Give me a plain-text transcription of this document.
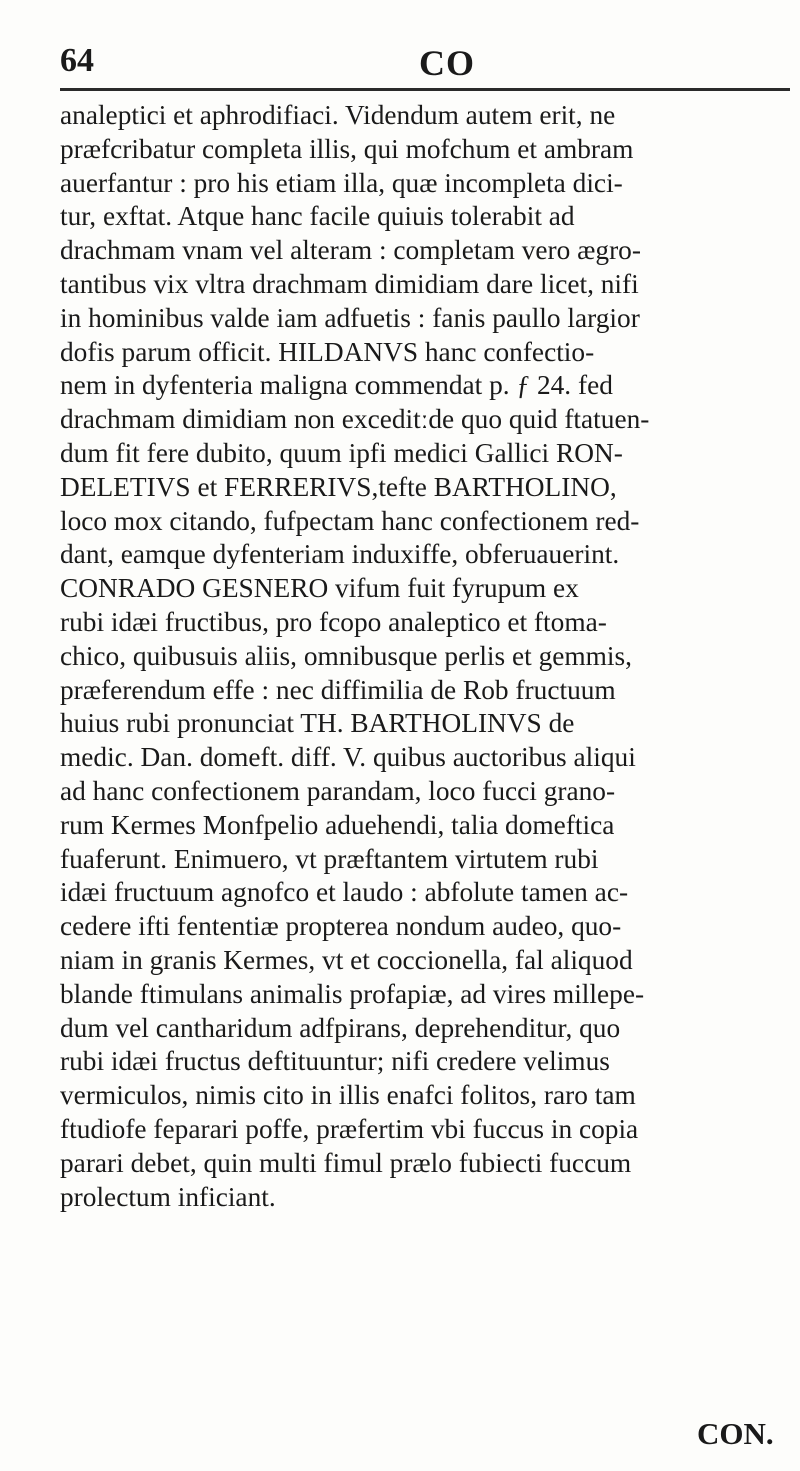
64	CO
analeptici et aphrodifiaci. Videndum autem erit, ne
præfcribatur completa illis, qui mofchum et ambram
auerfantur : pro his etiam illa, quæ incompleta dici-
tur, exftat. Atque hanc facile quiuis tolerabit ad
drachmam vnam vel alteram : completam vero ægro-
tantibus vix vltra drachmam dimidiam dare licet, nifi
in hominibus valde iam adfuetis : fanis paullo largior
dofis parum officit. HILDANVS hanc confectio-
nem in dyfenteria maligna commendat p. ƒ 24. fed
drachmam dimidiam non exceditːde quo quid ftatuen-
dum fit fere dubito, quum ipfi medici Gallici RON-
DELETIVS et FERRERIVS,tefte BARTHOLINO,
loco mox citando, fufpectam hanc confectionem red-
dant, eamque dyfenteriam induxiffe, obferuauerint.
CONRADO GESNERO vifum fuit fyrupum ex
rubi idæi fructibus, pro fcopo analeptico et ftoma-
chico, quibusuis aliis, omnibusque perlis et gemmis,
præferendum effe : nec diffimilia de Rob fructuum
huius rubi pronunciat TH. BARTHOLINVS de
medic. Dan. domeft. diff. V. quibus auctoribus aliqui
ad hanc confectionem parandam, loco fucci grano-
rum Kermes Monfpelio aduehendi, talia domeftica
fuaferunt. Enimuero, vt præftantem virtutem rubi
idæi fructuum agnofco et laudo : abfolute tamen ac-
cedere ifti fententiæ propterea nondum audeo, quo-
niam in granis Kermes, vt et coccionella, fal aliquod
blande ftimulans animalis profapiæ, ad vires millepe-
dum vel cantharidum adfpirans, deprehenditur, quo
rubi idæi fructus deftituuntur; nifi credere velimus
vermiculos, nimis cito in illis enafci folitos, raro tam
ftudiofe feparari poffe, præfertim vbi fuccus in copia
parari debet, quin multi fimul prælo fubiecti fuccum
prolectum inficiant.
CON.
